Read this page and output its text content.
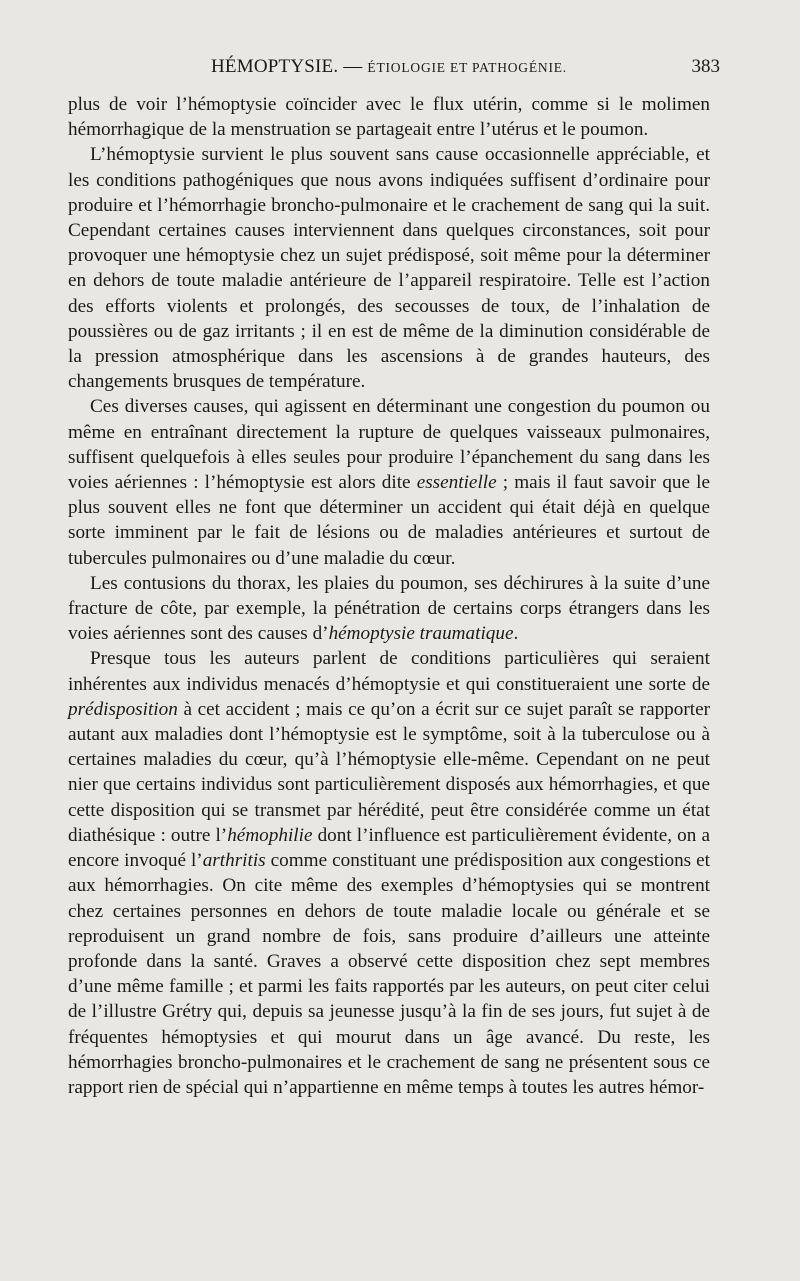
HÉMOPTYSIE. — ÉTIOLOGIE ET PATHOGÉNIE.	383

plus de voir l’hémoptysie coïncider avec le flux utérin, comme si le molimen hémorrhagique de la menstruation se partageait entre l’utérus et le poumon.

L’hémoptysie survient le plus souvent sans cause occasionnelle appréciable, et les conditions pathogéniques que nous avons indiquées suffisent d’ordinaire pour produire et l’hémorrhagie broncho-pulmonaire et le crachement de sang qui la suit. Cependant certaines causes interviennent dans quelques circonstances, soit pour provoquer une hémoptysie chez un sujet prédisposé, soit même pour la déterminer en dehors de toute maladie antérieure de l’appareil respiratoire. Telle est l’action des efforts violents et prolongés, des secousses de toux, de l’inhalation de poussières ou de gaz irritants ; il en est de même de la diminution considérable de la pression atmosphérique dans les ascensions à de grandes hauteurs, des changements brusques de température.

Ces diverses causes, qui agissent en déterminant une congestion du poumon ou même en entraînant directement la rupture de quelques vaisseaux pulmonaires, suffisent quelquefois à elles seules pour produire l’épanchement du sang dans les voies aériennes : l’hémoptysie est alors dite essentielle ; mais il faut savoir que le plus souvent elles ne font que déterminer un accident qui était déjà en quelque sorte imminent par le fait de lésions ou de maladies antérieures et surtout de tubercules pulmonaires ou d’une maladie du cœur.

Les contusions du thorax, les plaies du poumon, ses déchirures à la suite d’une fracture de côte, par exemple, la pénétration de certains corps étrangers dans les voies aériennes sont des causes d’hémoptysie traumatique.

Presque tous les auteurs parlent de conditions particulières qui seraient inhérentes aux individus menacés d’hémoptysie et qui constitueraient une sorte de prédisposition à cet accident ; mais ce qu’on a écrit sur ce sujet paraît se rapporter autant aux maladies dont l’hémoptysie est le symptôme, soit à la tuberculose ou à certaines maladies du cœur, qu’à l’hémoptysie elle-même. Cependant on ne peut nier que certains individus sont particulièrement disposés aux hémorrhagies, et que cette disposition qui se transmet par hérédité, peut être considérée comme un état diathésique : outre l’hémophilie dont l’influence est particulièrement évidente, on a encore invoqué l’arthritis comme constituant une prédisposition aux congestions et aux hémorrhagies. On cite même des exemples d’hémoptysies qui se montrent chez certaines personnes en dehors de toute maladie locale ou générale et se reproduisent un grand nombre de fois, sans produire d’ailleurs une atteinte profonde dans la santé. Graves a observé cette disposition chez sept membres d’une même famille ; et parmi les faits rapportés par les auteurs, on peut citer celui de l’illustre Grétry qui, depuis sa jeunesse jusqu’à la fin de ses jours, fut sujet à de fréquentes hémoptysies et qui mourut dans un âge avancé. Du reste, les hémorrhagies broncho-pulmonaires et le crachement de sang ne présentent sous ce rapport rien de spécial qui n’appartienne en même temps à toutes les autres hémor-
